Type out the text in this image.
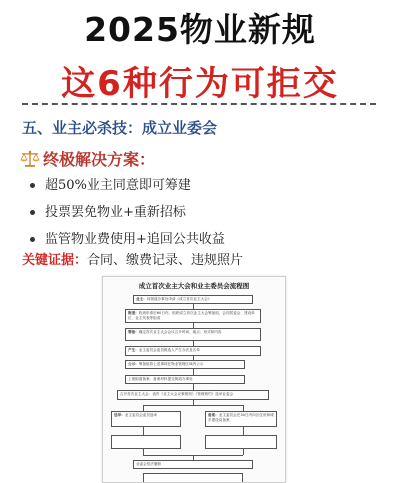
2025物业新规
这6种行为可拒交
五、业主必杀技：成立业委会
终极解决方案：
超50%业主同意即可筹建
投票罢免物业+重新招标
监管物业费使用+追回公共收益
关键证据：合同、缴费记录、违规照片
成立首次业主大会和业主委员会流程图
业主：向街道办事处申请《成立首次业主大会》
街道：收到申请后60日内，组织成立首次业主大会筹备组，会同居委会、建设单位、业主代表等组成
筹备：确定首次业主大会会议召开时间、地点、形式和内容
产生：业主委员会委员候选人产生办法及名单
公示：筹备组将上述事项在物业管理区域内公示
上报街道备案：备案材料提交街道办事处
召开首次业主大会：表决《业主大会议事规则》《管理规约》选举业委会
选举：业主委员会委员选举	备案：业主委员会在30日内向区住房和城乡建设局备案
业委会依法履职
